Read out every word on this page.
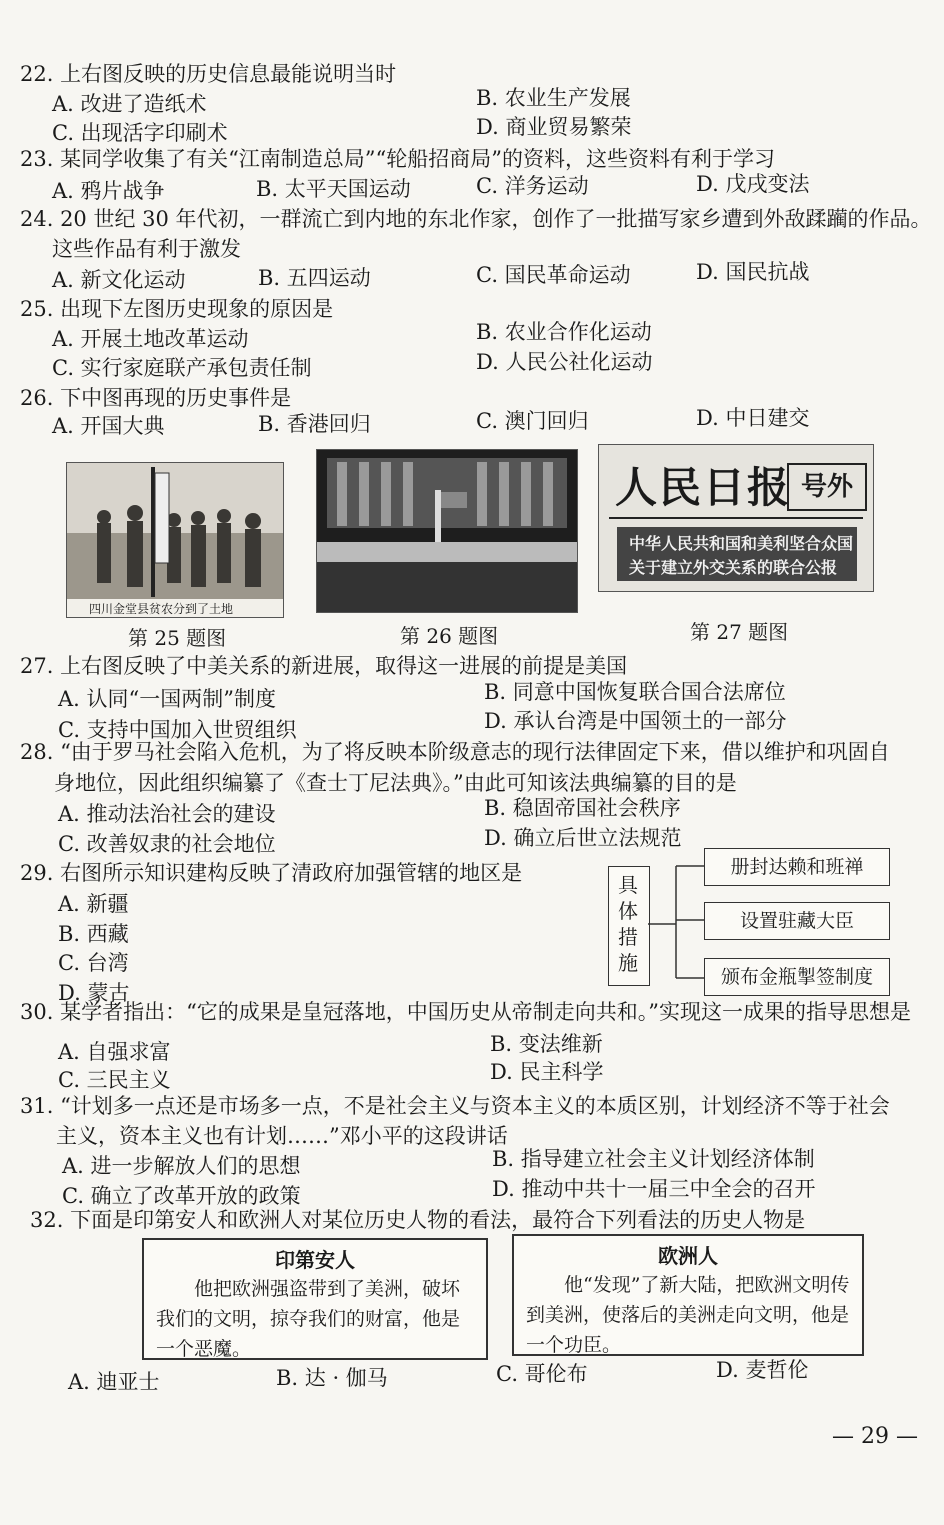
22. 上右图反映的历史信息最能说明当时
A. 改进了造纸术	B. 农业生产发展
C. 出现活字印刷术	D. 商业贸易繁荣
23. 某同学收集了有关“江南制造总局”“轮船招商局”的资料，这些资料有利于学习
A. 鸦片战争	B. 太平天国运动	C. 洋务运动	D. 戊戌变法
24. 20 世纪 30 年代初，一群流亡到内地的东北作家，创作了一批描写家乡遭到外敌蹂躏的作品。
这些作品有利于激发
A. 新文化运动	B. 五四运动	C. 国民革命运动	D. 国民抗战
25. 出现下左图历史现象的原因是
A. 开展土地改革运动	B. 农业合作化运动
C. 实行家庭联产承包责任制	D. 人民公社化运动
26. 下中图再现的历史事件是
A. 开国大典	B. 香港回归	C. 澳门回归	D. 中日建交
四川金堂县贫农分到了土地
第 25 题图	第 26 题图
人民日报 号外
中华人民共和国和美利坚合众国
关于建立外交关系的联合公报
第 27 题图
27. 上右图反映了中美关系的新进展，取得这一进展的前提是美国
A. 认同“一国两制”制度	B. 同意中国恢复联合国合法席位
C. 支持中国加入世贸组织	D. 承认台湾是中国领土的一部分
28. “由于罗马社会陷入危机，为了将反映本阶级意志的现行法律固定下来，借以维护和巩固自
身地位，因此组织编纂了《查士丁尼法典》。”由此可知该法典编纂的目的是
A. 推动法治社会的建设	B. 稳固帝国社会秩序
C. 改善奴隶的社会地位	D. 确立后世立法规范
29. 右图所示知识建构反映了清政府加强管辖的地区是
A. 新疆
B. 西藏
C. 台湾
D. 蒙古
具体措施
册封达赖和班禅
设置驻藏大臣
颁布金瓶掣签制度
30. 某学者指出：“它的成果是皇冠落地，中国历史从帝制走向共和。”实现这一成果的指导思想是
A. 自强求富	B. 变法维新
C. 三民主义	D. 民主科学
31. “计划多一点还是市场多一点，不是社会主义与资本主义的本质区别，计划经济不等于社会
主义，资本主义也有计划……”邓小平的这段讲话
A. 进一步解放人们的思想	B. 指导建立社会主义计划经济体制
C. 确立了改革开放的政策	D. 推动中共十一届三中全会的召开
32. 下面是印第安人和欧洲人对某位历史人物的看法，最符合下列看法的历史人物是
印第安人
他把欧洲强盗带到了美洲，破坏我们的文明，掠夺我们的财富，他是一个恶魔。
欧洲人
他“发现”了新大陆，把欧洲文明传到美洲，使落后的美洲走向文明，他是一个功臣。
A. 迪亚士	B. 达 · 伽马	C. 哥伦布	D. 麦哲伦
— 29 —
